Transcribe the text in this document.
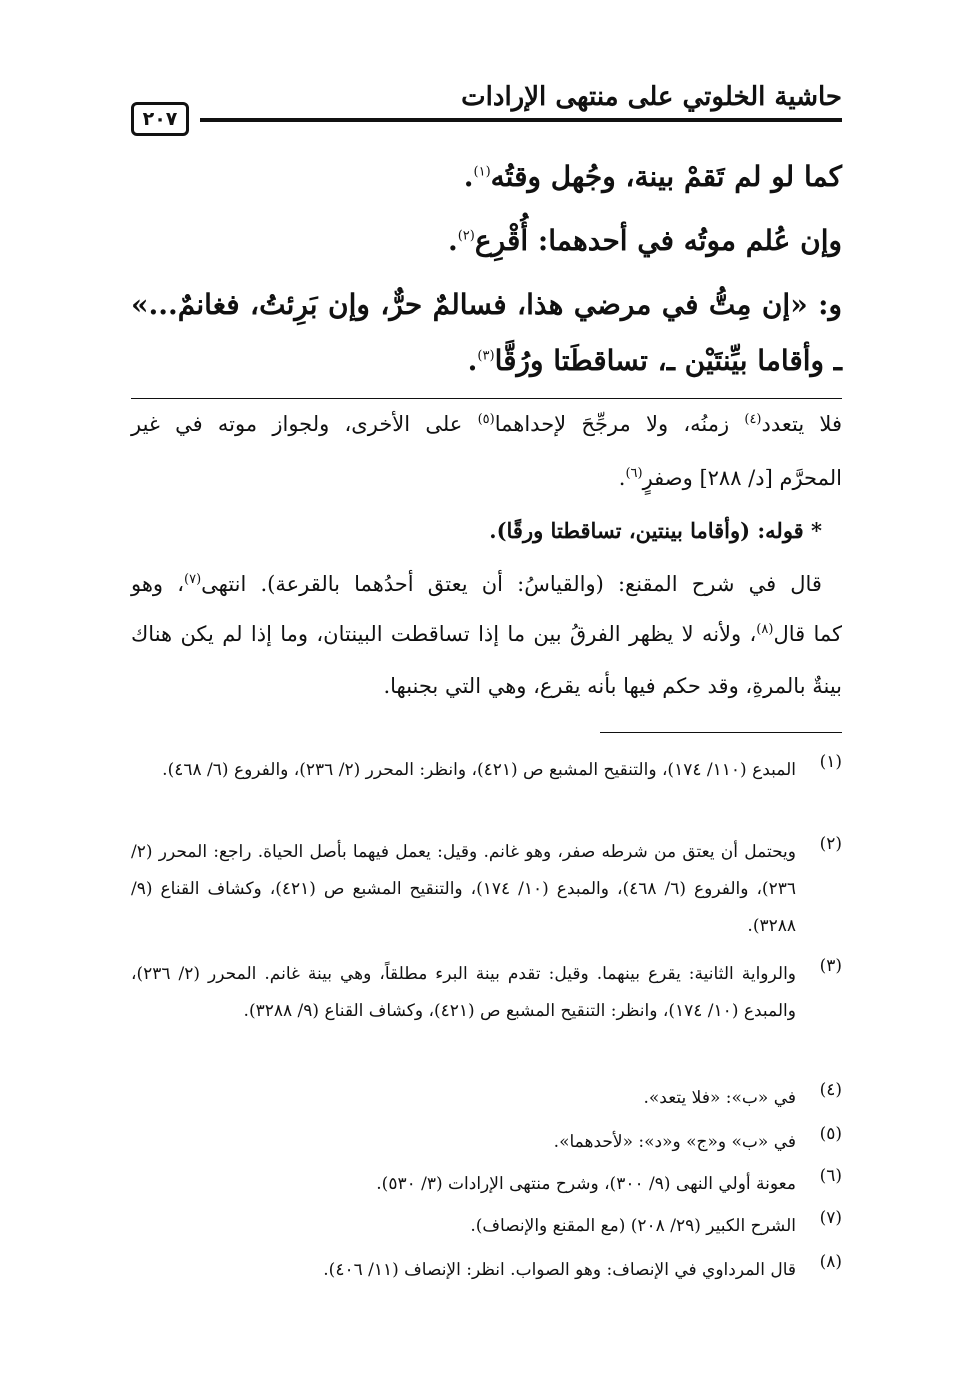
حاشية الخلوتي على منتهى الإرادات
٢٠٧
كما لو لم تَقمْ بينة، وجُهل وقتُه$^{(١)}$.
وإن عُلم موتُه في أحدهما: أُقْرِع$^{(٢)}$.
و: «إن مِتُّ في مرضي هذا، فسالمٌ حرٌّ، وإن بَرِئتُ، فغانمٌ...»
ـ وأقاما بيِّنتَيْن ـ، تساقطَتا ورُقَّا$^{(٣)}$.
فلا يتعدد$^{(٤)}$ زمنُه، ولا مرجِّحَ لإحداهما$^{(٥)}$ على الأخرى، ولجواز موته في غير
المحرَّم [د/ ٢٨٨] وصفرٍ$^{(٦)}$.
* قوله: (وأقاما بينتين، تساقطتا ورقًا).
قال في شرح المقنع: (والقياسُ: أن يعتق أحدُهما بالقرعة). انتهى$^{(٧)}$، وهو
كما قال$^{(٨)}$، ولأنه لا يظهر الفرقُ بين ما إذا تساقطت البينتان، وما إذا لم يكن هناك
بينةٌ بالمرةِ، وقد حكم فيها بأنه يقرع، وهي التي بجنبها.
(١)
المبدع (١١٠/ ١٧٤)، والتنقيح المشبع ص (٤٢١)، وانظر: المحرر (٢/ ٢٣٦)، والفروع (٦/ ٤٦٨).
(٢)
ويحتمل أن يعتق من شرطه صفر، وهو غانم. وقيل: يعمل فيهما بأصل الحياة. راجع: المحرر (٢/ ٢٣٦)، والفروع (٦/ ٤٦٨)، والمبدع (١٠/ ١٧٤)، والتنقيح المشبع ص (٤٢١)، وكشاف القناع (٩/ ٣٢٨٨).
(٣)
والرواية الثانية: يقرع بينهما. وقيل: تقدم بينة البرء مطلقاً، وهي بينة غانم. المحرر (٢/ ٢٣٦)، والمبدع (١٠/ ١٧٤)، وانظر: التنقيح المشبع ص (٤٢١)، وكشاف القناع (٩/ ٣٢٨٨).
(٤)
في «ب»: «فلا يتعد».
(٥)
في «ب» و«ج» و«د»: «لأحدهما».
(٦)
معونة أولي النهى (٩/ ٣٠٠)، وشرح منتهى الإرادات (٣/ ٥٣٠).
(٧)
الشرح الكبير (٢٩/ ٢٠٨) (مع المقنع والإنصاف).
(٨)
قال المرداوي في الإنصاف: وهو الصواب. انظر: الإنصاف (١١/ ٤٠٦).
